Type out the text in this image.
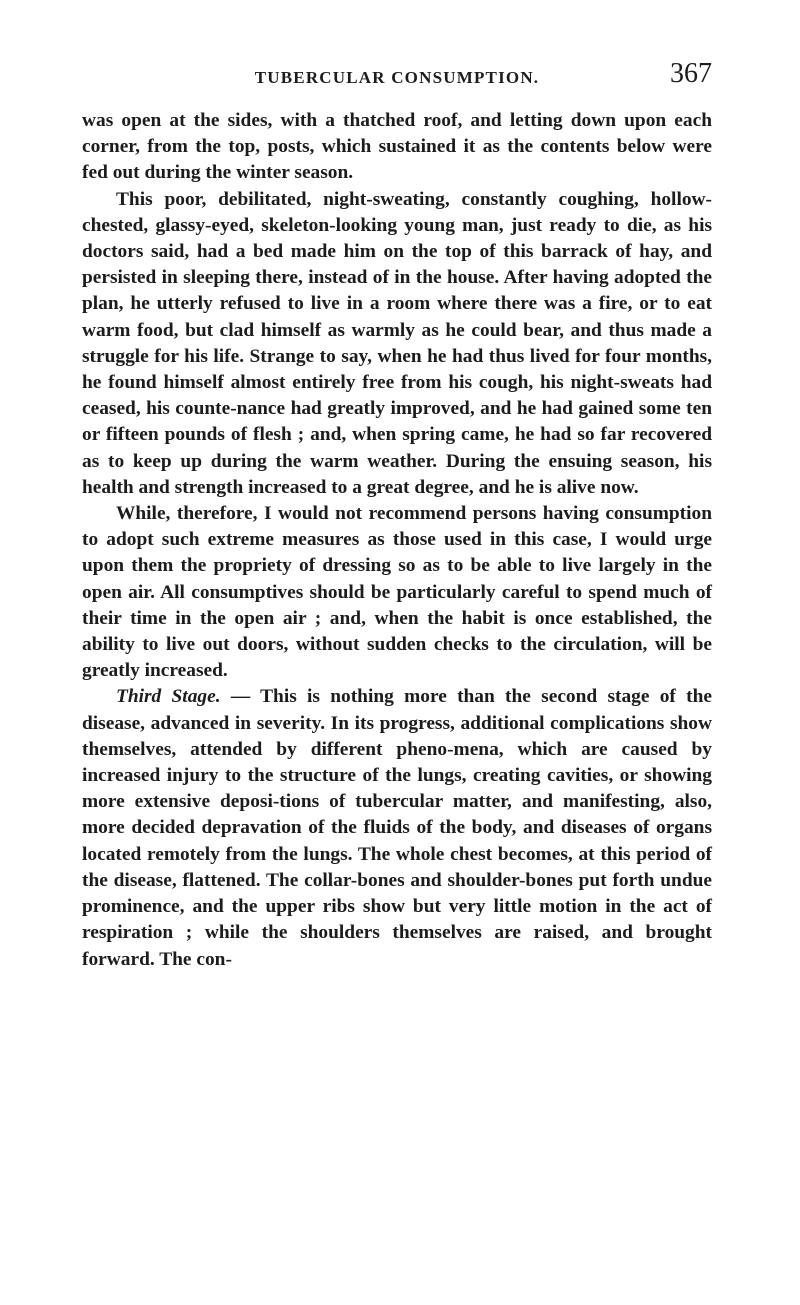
TUBERCULAR CONSUMPTION.	367

was open at the sides, with a thatched roof, and letting down upon each corner, from the top, posts, which sustained it as the contents below were fed out during the winter season.

This poor, debilitated, night-sweating, constantly coughing, hollow-chested, glassy-eyed, skeleton-looking young man, just ready to die, as his doctors said, had a bed made him on the top of this barrack of hay, and persisted in sleeping there, instead of in the house. After having adopted the plan, he utterly refused to live in a room where there was a fire, or to eat warm food, but clad himself as warmly as he could bear, and thus made a struggle for his life. Strange to say, when he had thus lived for four months, he found himself almost entirely free from his cough, his night-sweats had ceased, his counte-nance had greatly improved, and he had gained some ten or fifteen pounds of flesh ; and, when spring came, he had so far recovered as to keep up during the warm weather. During the ensuing season, his health and strength increased to a great degree, and he is alive now.

While, therefore, I would not recommend persons having consumption to adopt such extreme measures as those used in this case, I would urge upon them the propriety of dressing so as to be able to live largely in the open air. All consumptives should be particularly careful to spend much of their time in the open air ; and, when the habit is once established, the ability to live out doors, without sudden checks to the circulation, will be greatly increased.

Third Stage. — This is nothing more than the second stage of the disease, advanced in severity. In its progress, additional complications show themselves, attended by different pheno-mena, which are caused by increased injury to the structure of the lungs, creating cavities, or showing more extensive deposi-tions of tubercular matter, and manifesting, also, more decided depravation of the fluids of the body, and diseases of organs located remotely from the lungs. The whole chest becomes, at this period of the disease, flattened. The collar-bones and shoulder-bones put forth undue prominence, and the upper ribs show but very little motion in the act of respiration ; while the shoulders themselves are raised, and brought forward. The con-
